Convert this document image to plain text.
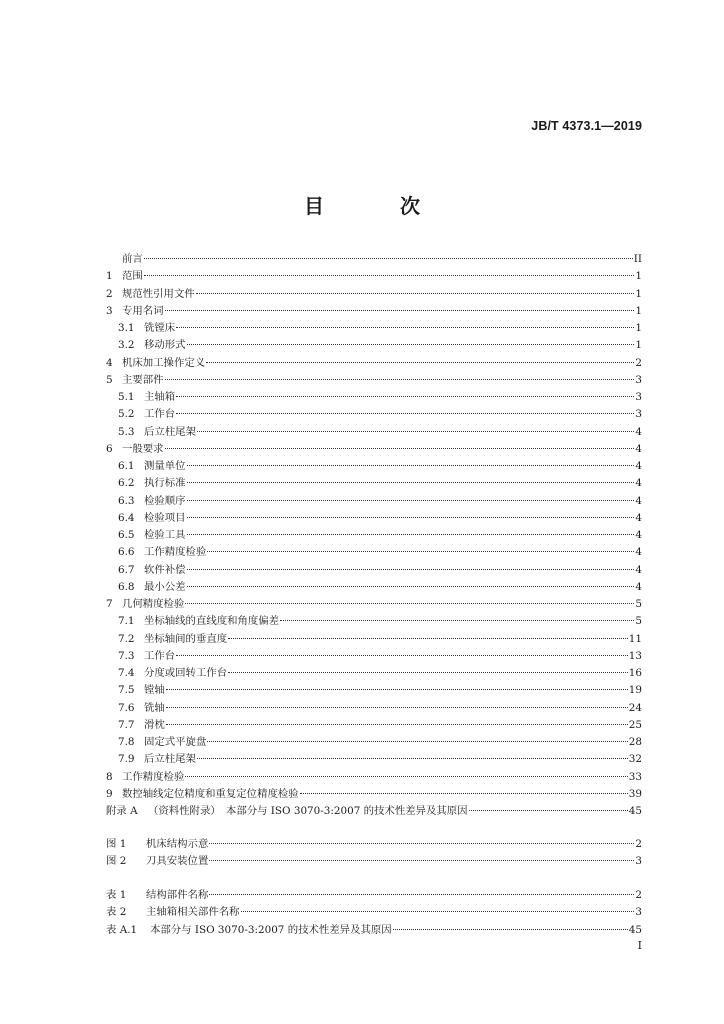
JB/T 4373.1—2019
目　次
前言	II
1 范围	1
2 规范性引用文件	1
3 专用名词	1
3.1 铣镗床	1
3.2 移动形式	1
4 机床加工操作定义	2
5 主要部件	3
5.1 主轴箱	3
5.2 工作台	3
5.3 后立柱尾架	4
6 一般要求	4
6.1 测量单位	4
6.2 执行标准	4
6.3 检验顺序	4
6.4 检验项目	4
6.5 检验工具	4
6.6 工作精度检验	4
6.7 软件补偿	4
6.8 最小公差	4
7 几何精度检验	5
7.1 坐标轴线的直线度和角度偏差	5
7.2 坐标轴间的垂直度	11
7.3 工作台	13
7.4 分度或回转工作台	16
7.5 镗轴	19
7.6 铣轴	24
7.7 滑枕	25
7.8 固定式平旋盘	28
7.9 后立柱尾架	32
8 工作精度检验	33
9 数控轴线定位精度和重复定位精度检验	39
附录 A	（资料性附录）　本部分与 ISO 3070-3:2007 的技术性差异及其原因	45
图 1	机床结构示意	2
图 2	刀具安装位置	3
表 1	结构部件名称	2
表 2	主轴箱相关部件名称	3
表 A.1	本部分与 ISO 3070-3:2007 的技术性差异及其原因	45
I
